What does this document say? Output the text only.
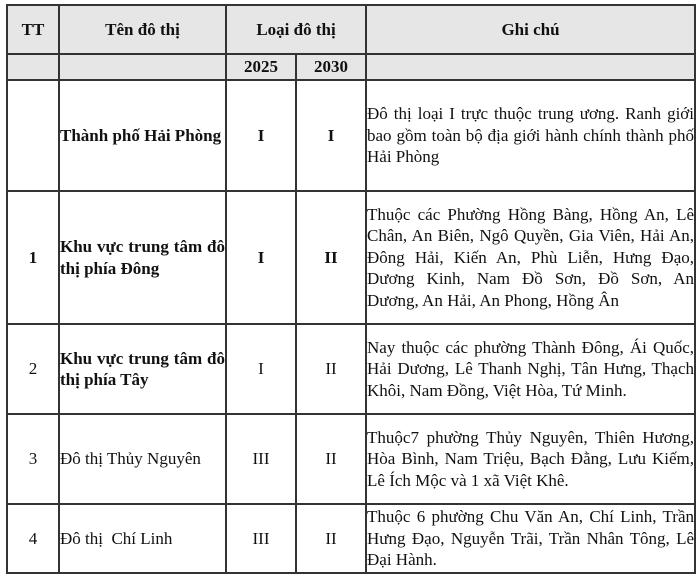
TT	Tên đô thị	Loại đô thị		Ghi chú
		2025	2030	
	Thành phố Hải Phòng	I	I	Đô thị loại I trực thuộc trung ương. Ranh giới bao gồm toàn bộ địa giới hành chính thành phố Hải Phòng
1	Khu vực trung tâm đô thị phía Đông	I	II	Thuộc các Phường Hồng Bàng, Hồng An, Lê Chân, An Biên, Ngô Quyền, Gia Viên, Hải An, Đông Hải, Kiến An, Phù Liễn, Hưng Đạo, Dương Kinh, Nam Đồ Sơn, Đồ Sơn, An Dương, An Hải, An Phong, Hồng Ân
2	Khu vực trung tâm đô thị phía Tây	I	II	Nay thuộc các phường Thành Đông, Ái Quốc, Hải Dương, Lê Thanh Nghị, Tân Hưng, Thạch Khôi, Nam Đồng, Việt Hòa, Tứ Minh.
3	Đô thị Thủy Nguyên	III	II	Thuộc7 phường Thủy Nguyên, Thiên Hương, Hòa Bình, Nam Triệu, Bạch Đằng, Lưu Kiếm, Lê Ích Mộc và 1 xã Việt Khê.
4	Đô thị  Chí Linh	III	II	Thuộc 6 phường Chu Văn An, Chí Linh, Trần Hưng Đạo, Nguyễn Trãi, Trần Nhân Tông, Lê Đại Hành.
